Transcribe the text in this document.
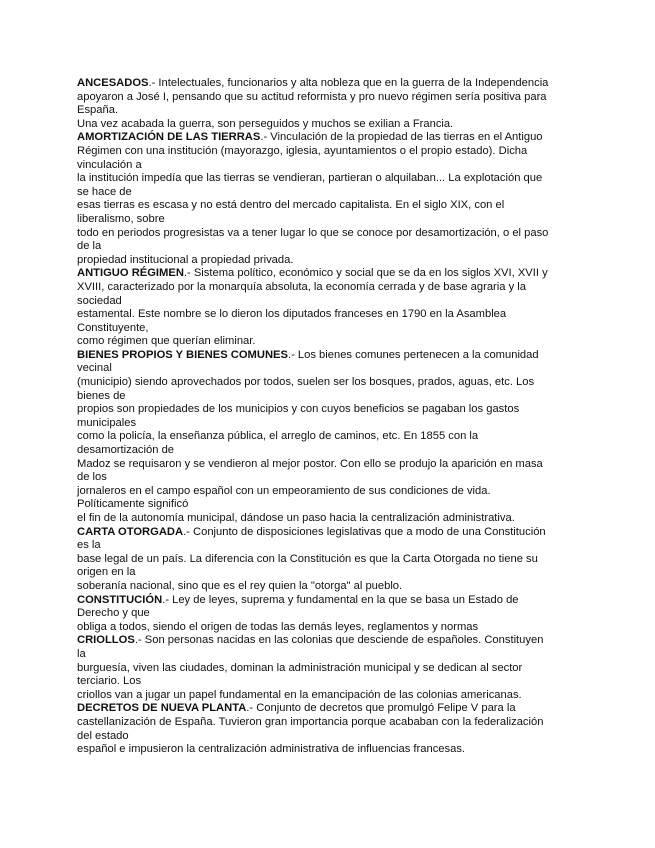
ANCESADOS.- Intelectuales, funcionarios y alta nobleza que en la guerra de la Independencia
apoyaron a José I, pensando que su actitud reformista y pro nuevo régimen sería positiva para
España.
Una vez acabada la guerra, son perseguidos y muchos se exilian a Francia.
AMORTIZACIÓN DE LAS TIERRAS.- Vinculación de la propiedad de las tierras en el Antiguo
Régimen con una institución (mayorazgo, iglesia, ayuntamientos o el propio estado). Dicha
vinculación a
la institución impedía que las tierras se vendieran, partieran o alquilaban... La explotación que
se hace de
esas tierras es escasa y no está dentro del mercado capitalista. En el siglo XIX, con el
liberalismo, sobre
todo en periodos progresistas va a tener lugar lo que se conoce por desamortización, o el paso
de la
propiedad institucional a propiedad privada.
ANTIGUO RÉGIMEN.- Sistema político, económico y social que se da en los siglos XVI, XVII y
XVIII, caracterizado por la monarquía absoluta, la economía cerrada y de base agraria y la
sociedad
estamental. Este nombre se lo dieron los diputados franceses en 1790 en la Asamblea
Constituyente,
como régimen que querían eliminar.
BIENES PROPIOS Y BIENES COMUNES.- Los bienes comunes pertenecen a la comunidad
vecinal
(municipio) siendo aprovechados por todos, suelen ser los bosques, prados, aguas, etc. Los
bienes de
propios son propiedades de los municipios y con cuyos beneficios se pagaban los gastos
municipales
como la policía, la enseñanza pública, el arreglo de caminos, etc. En 1855 con la
desamortización de
Madoz se requisaron y se vendieron al mejor postor. Con ello se produjo la aparición en masa
de los
jornaleros en el campo español con un empeoramiento de sus condiciones de vida.
Políticamente significó
el fin de la autonomía municipal, dándose un paso hacia la centralización administrativa.
CARTA OTORGADA.- Conjunto de disposiciones legislativas que a modo de una Constitución
es la
base legal de un país. La diferencia con la Constitución es que la Carta Otorgada no tiene su
origen en la
soberanía nacional, sino que es el rey quien la "otorga" al pueblo.
CONSTITUCIÓN.- Ley de leyes, suprema y fundamental en la que se basa un Estado de
Derecho y que
obliga a todos, siendo el origen de todas las demás leyes, reglamentos y normas
CRIOLLOS.- Son personas nacidas en las colonias que desciende de españoles. Constituyen
la
burguesía, viven las ciudades, dominan la administración municipal y se dedican al sector
terciario. Los
criollos van a jugar un papel fundamental en la emancipación de las colonias americanas.
DECRETOS DE NUEVA PLANTA.- Conjunto de decretos que promulgó Felipe V para la
castellanización de España. Tuvieron gran importancia porque acababan con la federalización
del estado
español e impusieron la centralización administrativa de influencias francesas.
